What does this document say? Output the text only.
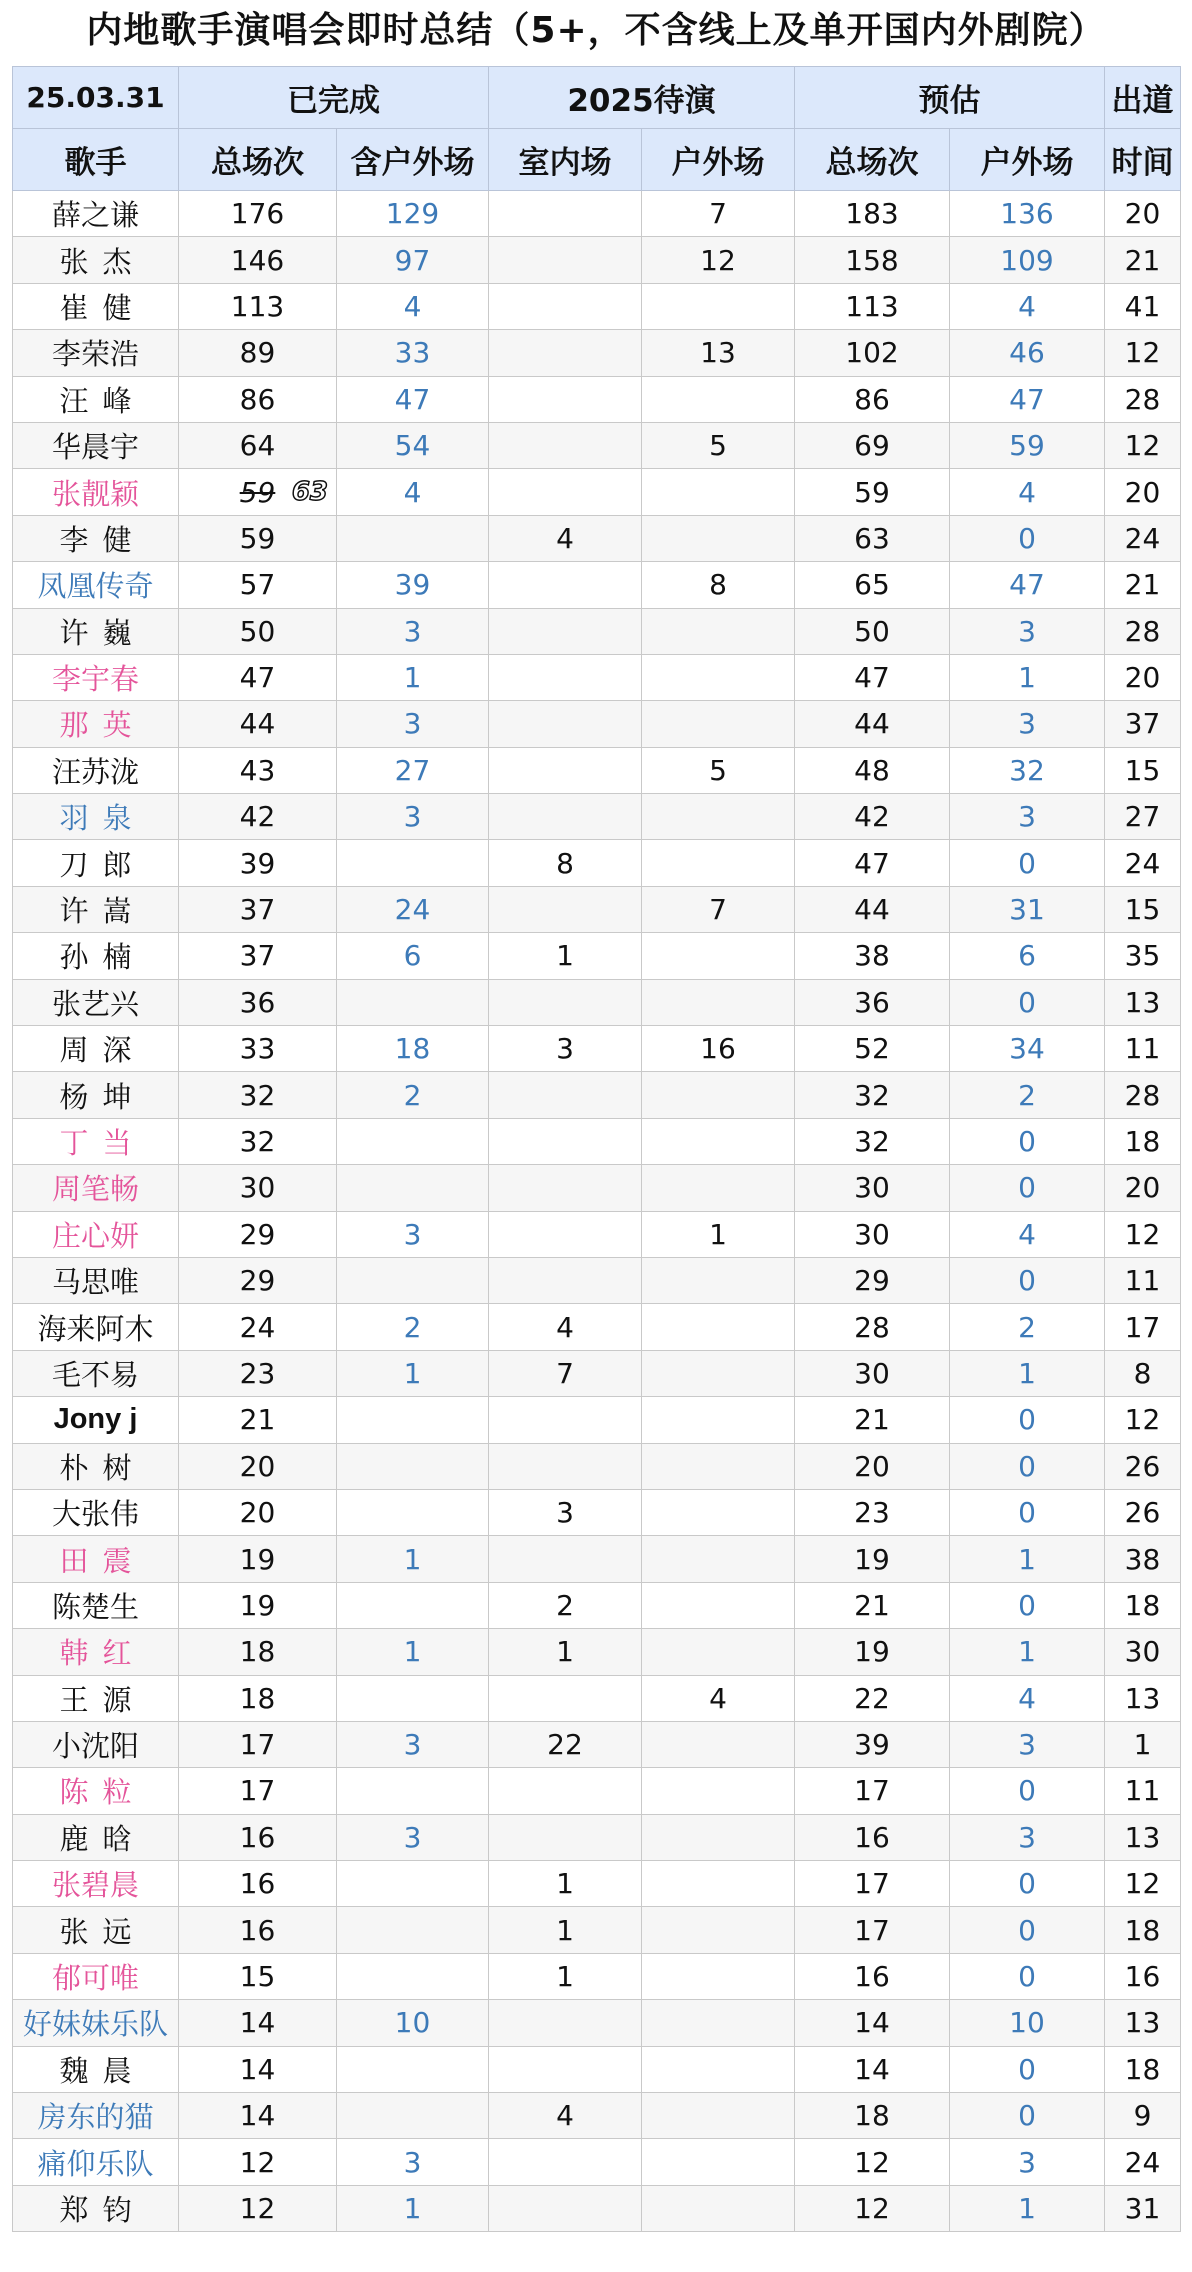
内地歌手演唱会即时总结（5+，不含线上及单开国内外剧院）
25.03.31	已完成		2025待演		预估		出道
歌手	总场次	含户外场	室内场	户外场	总场次	户外场	时间
薛之谦	176	129		7	183	136	20
张杰	146	97		12	158	109	21
崔健	113	4			113	4	41
李荣浩	89	33		13	102	46	12
汪峰	86	47			86	47	28
华晨宇	64	54		5	69	59	12
张靓颖	59 63	4			59	4	20
李健	59		4		63	0	24
凤凰传奇	57	39		8	65	47	21
许巍	50	3			50	3	28
李宇春	47	1			47	1	20
那英	44	3			44	3	37
汪苏泷	43	27		5	48	32	15
羽泉	42	3			42	3	27
刀郎	39		8		47	0	24
许嵩	37	24		7	44	31	15
孙楠	37	6	1		38	6	35
张艺兴	36				36	0	13
周深	33	18	3	16	52	34	11
杨坤	32	2			32	2	28
丁当	32				32	0	18
周笔畅	30				30	0	20
庄心妍	29	3		1	30	4	12
马思唯	29				29	0	11
海来阿木	24	2	4		28	2	17
毛不易	23	1	7		30	1	8
Jony j	21				21	0	12
朴树	20				20	0	26
大张伟	20		3		23	0	26
田震	19	1			19	1	38
陈楚生	19		2		21	0	18
韩红	18	1	1		19	1	30
王源	18			4	22	4	13
小沈阳	17	3	22		39	3	1
陈粒	17				17	0	11
鹿晗	16	3			16	3	13
张碧晨	16		1		17	0	12
张远	16		1		17	0	18
郁可唯	15		1		16	0	16
好妹妹乐队	14	10			14	10	13
魏晨	14				14	0	18
房东的猫	14		4		18	0	9
痛仰乐队	12	3			12	3	24
郑钧	12	1			12	1	31
